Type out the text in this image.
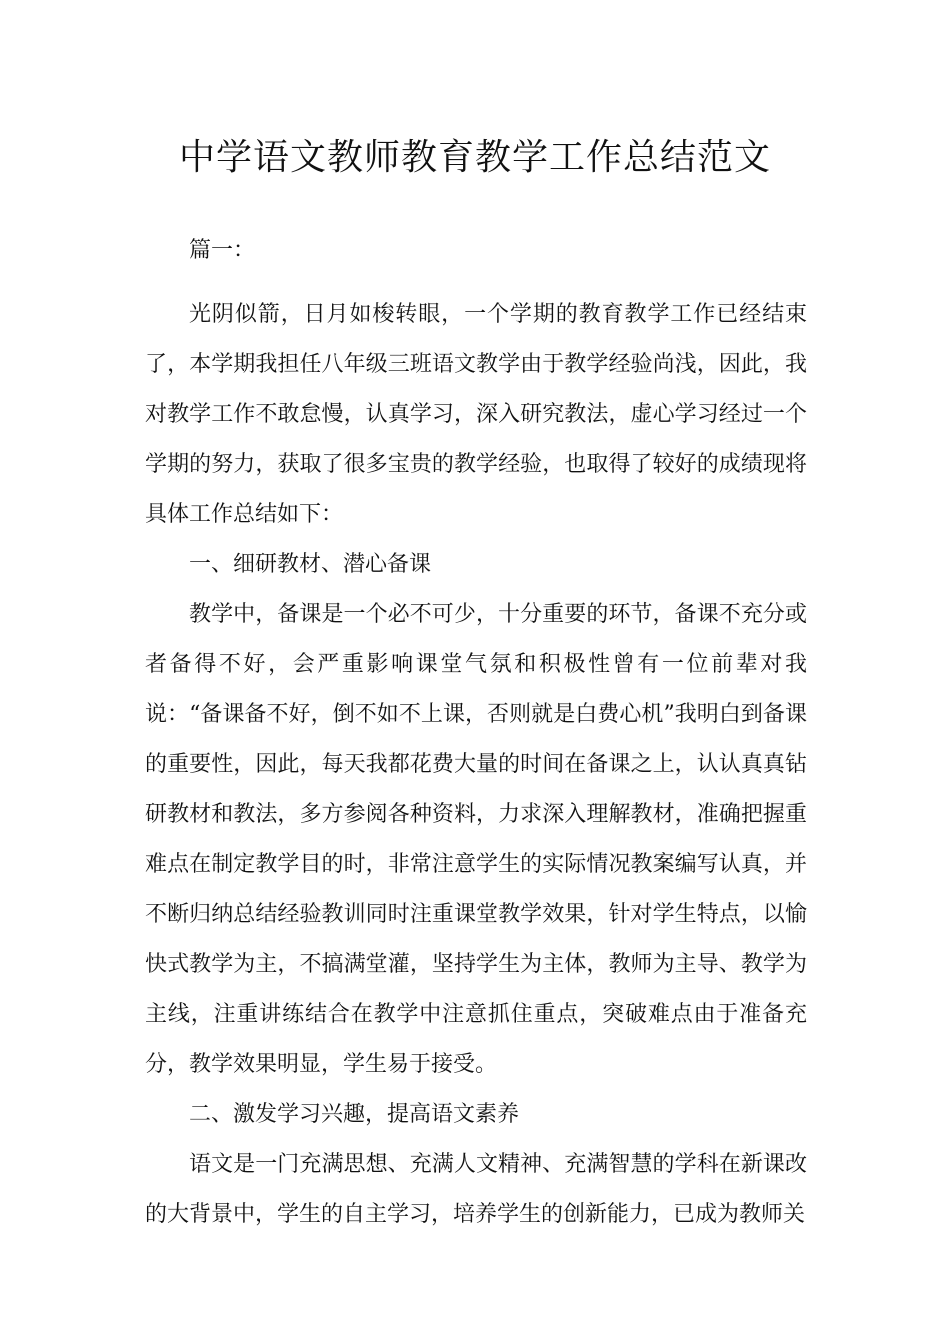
中学语文教师教育教学工作总结范文

篇一：

光阴似箭，日月如梭转眼，一个学期的教育教学工作已经结束了，本学期我担任八年级三班语文教学由于教学经验尚浅，因此，我对教学工作不敢怠慢，认真学习，深入研究教法，虚心学习经过一个学期的努力，获取了很多宝贵的教学经验，也取得了较好的成绩现将具体工作总结如下：

一、细研教材、潜心备课

教学中，备课是一个必不可少，十分重要的环节，备课不充分或者备得不好，会严重影响课堂气氛和积极性曾有一位前辈对我说：“备课备不好，倒不如不上课，否则就是白费心机”我明白到备课的重要性，因此，每天我都花费大量的时间在备课之上，认认真真钻研教材和教法，多方参阅各种资料，力求深入理解教材，准确把握重难点在制定教学目的时，非常注意学生的实际情况教案编写认真，并不断归纳总结经验教训同时注重课堂教学效果，针对学生特点，以愉快式教学为主，不搞满堂灌，坚持学生为主体，教师为主导、教学为主线，注重讲练结合在教学中注意抓住重点，突破难点由于准备充分，教学效果明显，学生易于接受。

二、激发学习兴趣，提高语文素养

语文是一门充满思想、充满人文精神、充满智慧的学科在新课改的大背景中，学生的自主学习，培养学生的创新能力，已成为教师关
